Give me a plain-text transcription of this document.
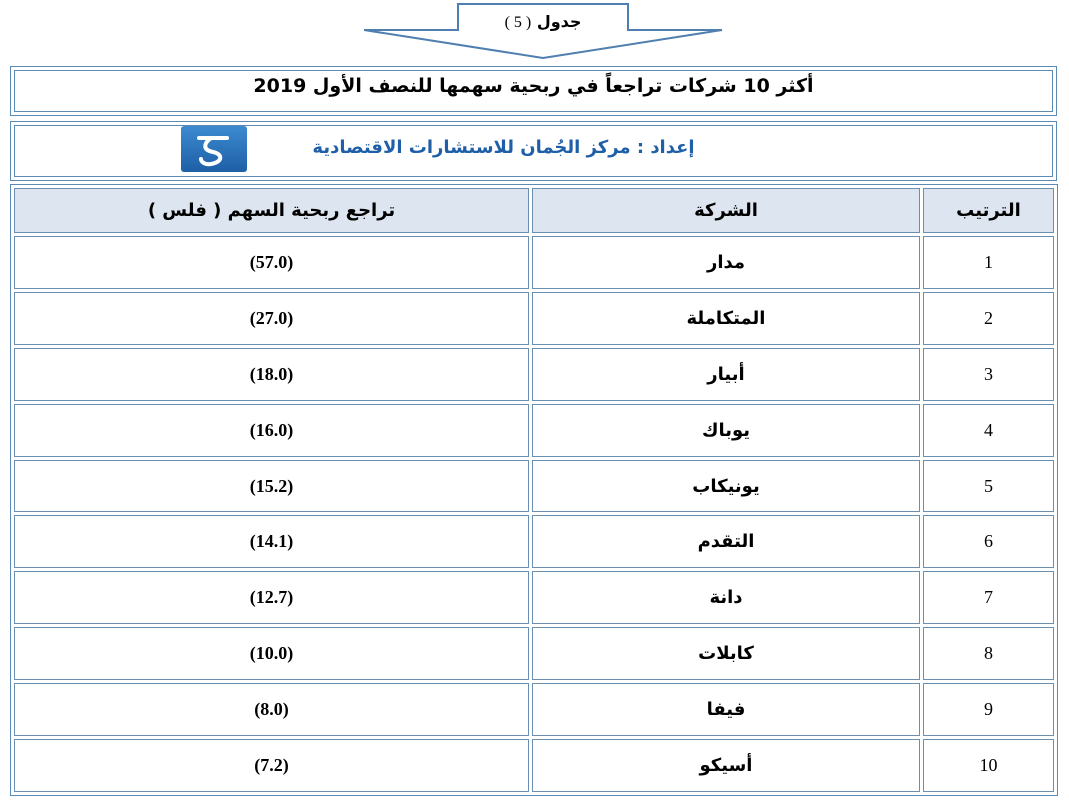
جدول ( 5 )
أكثر 10 شركات تراجعاً في ربحية سهمها للنصف الأول 2019
إعداد : مركز الجُمان للاستشارات الاقتصادية
الترتيب	الشركة	تراجع ربحية السهم ( فلس )
1	مدار	(57.0)
2	المتكاملة	(27.0)
3	أبيار	(18.0)
4	يوباك	(16.0)
5	يونيكاب	(15.2)
6	التقدم	(14.1)
7	دانة	(12.7)
8	كابلات	(10.0)
9	فيفا	(8.0)
10	أسيكو	(7.2)
